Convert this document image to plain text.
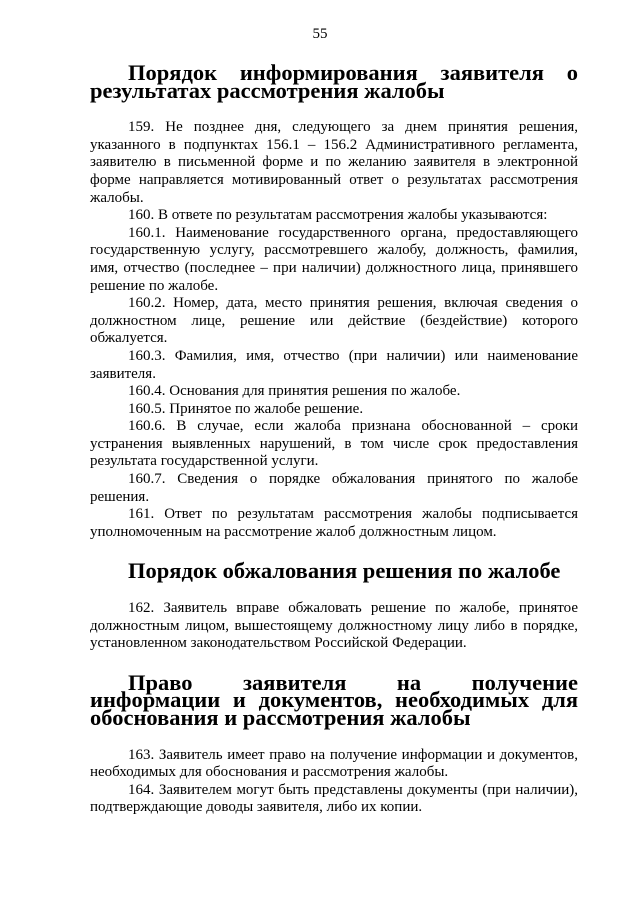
55
Порядок информирования заявителя о результатах рассмотрения жалобы

159. Не позднее дня, следующего за днем принятия решения, указанного в подпунктах 156.1 – 156.2 Административного регламента, заявителю в письменной форме и по желанию заявителя в электронной форме направляется мотивированный ответ о результатах рассмотрения жалобы.

160. В ответе по результатам рассмотрения жалобы указываются:

160.1. Наименование государственного органа, предоставляющего государственную услугу, рассмотревшего жалобу, должность, фамилия, имя, отчество (последнее – при наличии) должностного лица, принявшего решение по жалобе.

160.2. Номер, дата, место принятия решения, включая сведения о должностном лице, решение или действие (бездействие) которого обжалуется.

160.3. Фамилия, имя, отчество (при наличии) или наименование заявителя.

160.4. Основания для принятия решения по жалобе.

160.5. Принятое по жалобе решение.

160.6. В случае, если жалоба признана обоснованной – сроки устранения выявленных нарушений, в том числе срок предоставления результата государственной услуги.

160.7. Сведения о порядке обжалования принятого по жалобе решения.

161. Ответ по результатам рассмотрения жалобы подписывается уполномоченным на рассмотрение жалоб должностным лицом.

Порядок обжалования решения по жалобе

162. Заявитель вправе обжаловать решение по жалобе, принятое должностным лицом, вышестоящему должностному лицу либо в порядке, установленном законодательством Российской Федерации.

Право заявителя на получение информации и документов, необходимых для обоснования и рассмотрения жалобы

163. Заявитель имеет право на получение информации и документов, необходимых для обоснования и рассмотрения жалобы.

164. Заявителем могут быть представлены документы (при наличии), подтверждающие доводы заявителя, либо их копии.
